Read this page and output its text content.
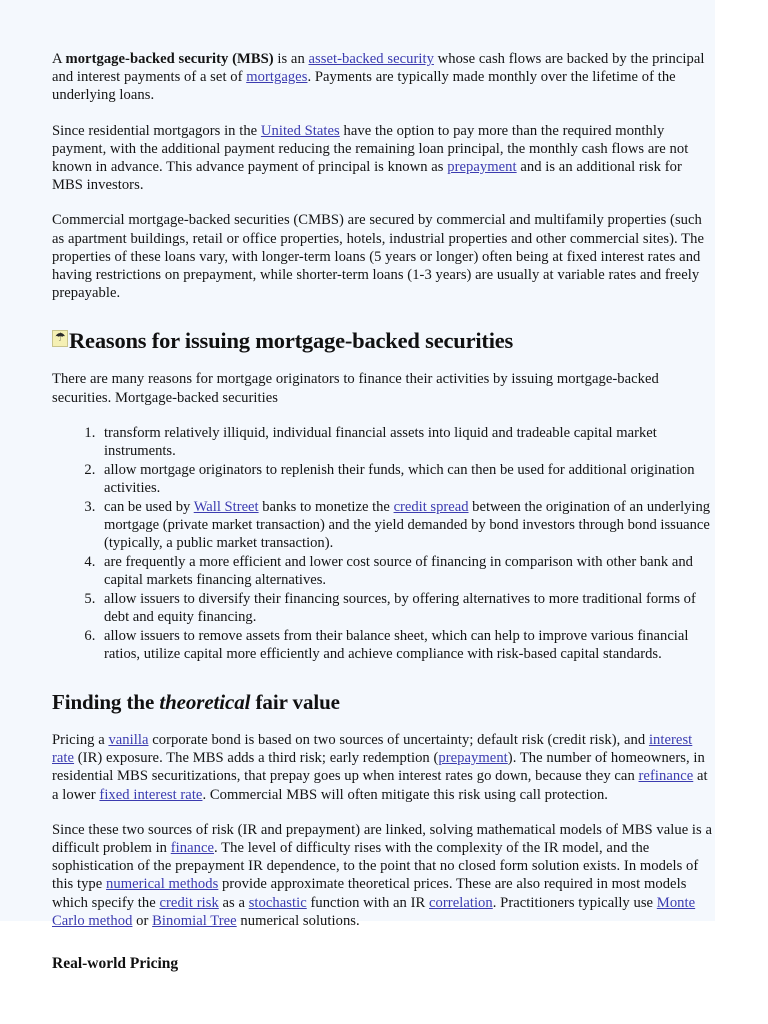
A mortgage-backed security (MBS) is an asset-backed security whose cash flows are backed by the principal and interest payments of a set of mortgages. Payments are typically made monthly over the lifetime of the underlying loans.

Since residential mortgagors in the United States have the option to pay more than the required monthly payment, with the additional payment reducing the remaining loan principal, the monthly cash flows are not known in advance. This advance payment of principal is known as prepayment and is an additional risk for MBS investors.

Commercial mortgage-backed securities (CMBS) are secured by commercial and multifamily properties (such as apartment buildings, retail or office properties, hotels, industrial properties and other commercial sites). The properties of these loans vary, with longer-term loans (5 years or longer) often being at fixed interest rates and having restrictions on prepayment, while shorter-term loans (1-3 years) are usually at variable rates and freely prepayable.

☂ Reasons for issuing mortgage-backed securities

There are many reasons for mortgage originators to finance their activities by issuing mortgage-backed securities. Mortgage-backed securities

1. transform relatively illiquid, individual financial assets into liquid and tradeable capital market instruments.
2. allow mortgage originators to replenish their funds, which can then be used for additional origination activities.
3. can be used by Wall Street banks to monetize the credit spread between the origination of an underlying mortgage (private market transaction) and the yield demanded by bond investors through bond issuance (typically, a public market transaction).
4. are frequently a more efficient and lower cost source of financing in comparison with other bank and capital markets financing alternatives.
5. allow issuers to diversify their financing sources, by offering alternatives to more traditional forms of debt and equity financing.
6. allow issuers to remove assets from their balance sheet, which can help to improve various financial ratios, utilize capital more efficiently and achieve compliance with risk-based capital standards.
Finding the theoretical fair value

Pricing a vanilla corporate bond is based on two sources of uncertainty; default risk (credit risk), and interest rate (IR) exposure. The MBS adds a third risk; early redemption (prepayment). The number of homeowners, in residential MBS securitizations, that prepay goes up when interest rates go down, because they can refinance at a lower fixed interest rate. Commercial MBS will often mitigate this risk using call protection.

Since these two sources of risk (IR and prepayment) are linked, solving mathematical models of MBS value is a difficult problem in finance. The level of difficulty rises with the complexity of the IR model, and the sophistication of the prepayment IR dependence, to the point that no closed form solution exists. In models of this type numerical methods provide approximate theoretical prices. These are also required in most models which specify the credit risk as a stochastic function with an IR correlation. Practitioners typically use Monte Carlo method or Binomial Tree numerical solutions.

Real-world Pricing
